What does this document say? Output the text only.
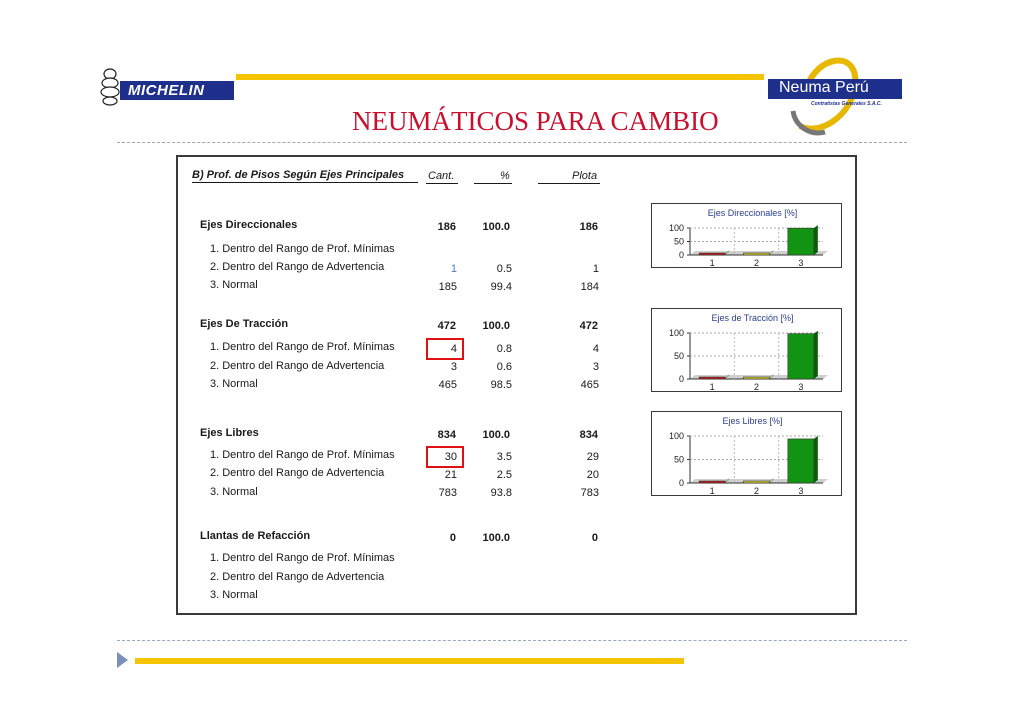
MICHELIN	Neuma Perú
Contratistas Generales S.A.C.
NEUMÁTICOS PARA CAMBIO
B) Prof. de Pisos Según Ejes Principales Cant.	%	Plota
Ejes Direccionales	186	100.0	186
1. Dentro del Rango de Prof. Mínimas
2. Dentro del Rango de Advertencia	1	0.5	1
3. Normal	185	99.4	184
Ejes De Tracción	472	100.0	472
1. Dentro del Rango de Prof. Mínimas	4	0.8	4
2. Dentro del Rango de Advertencia	3	0.6	3
3. Normal	465	98.5	465
Ejes Libres	834	100.0	834
1. Dentro del Rango de Prof. Mínimas	30	3.5	29
2. Dentro del Rango de Advertencia	21	2.5	20
3. Normal	783	93.8	783
Llantas de Refacción	0	100.0	0
1. Dentro del Rango de Prof. Mínimas
2. Dentro del Rango de Advertencia
3. Normal
Ejes Direccionales [%]
0
50
100
1	2	3
Ejes de Tracción [%]
0
50
100
1	2	3
Ejes Libres [%]
0
50
100
1	2	3
